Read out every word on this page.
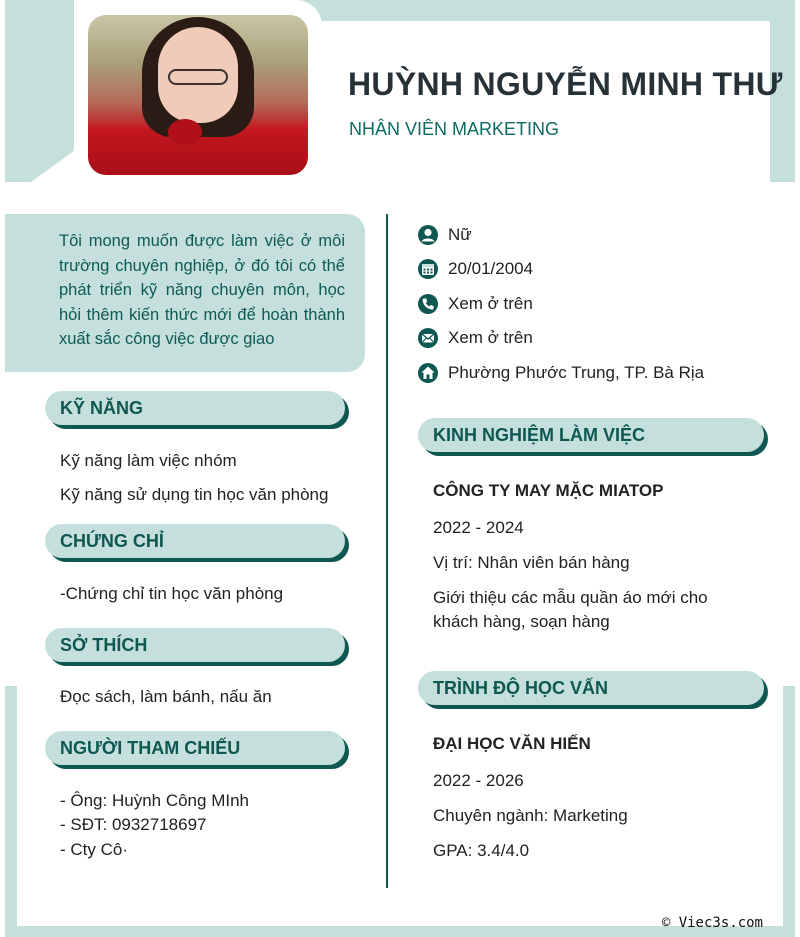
HUỲNH NGUYỄN MINH THƯ
NHÂN VIÊN MARKETING
Tôi mong muốn được làm việc ở môi trường chuyên nghiệp, ở đó tôi có thể phát triển kỹ năng chuyên môn, học hỏi thêm kiến thức mới để hoàn thành xuất sắc công việc được giao
Nữ
20/01/2004
Xem ở trên
Xem ở trên
Phường Phước Trung, TP. Bà Rịa
KỸ NĂNG
Kỹ năng làm việc nhóm
Kỹ năng sử dụng tin học văn phòng
CHỨNG CHỈ
-Chứng chỉ tin học văn phòng
SỞ THÍCH
Đọc sách, làm bánh, nấu ăn
NGƯỜI THAM CHIẾU
- Ông: Huỳnh Công MInh
- SĐT: 0932718697
- Cty Cô·
KINH NGHIỆM LÀM VIỆC
CÔNG TY MAY MẶC MIATOP
2022 - 2024
Vị trí: Nhân viên bán hàng
Giới thiệu các mẫu quần áo mới cho
khách hàng, soạn hàng
TRÌNH ĐỘ HỌC VẤN
ĐẠI HỌC VĂN HIẾN
2022 - 2026
Chuyên ngành: Marketing
GPA: 3.4/4.0
© Viec3s.com
